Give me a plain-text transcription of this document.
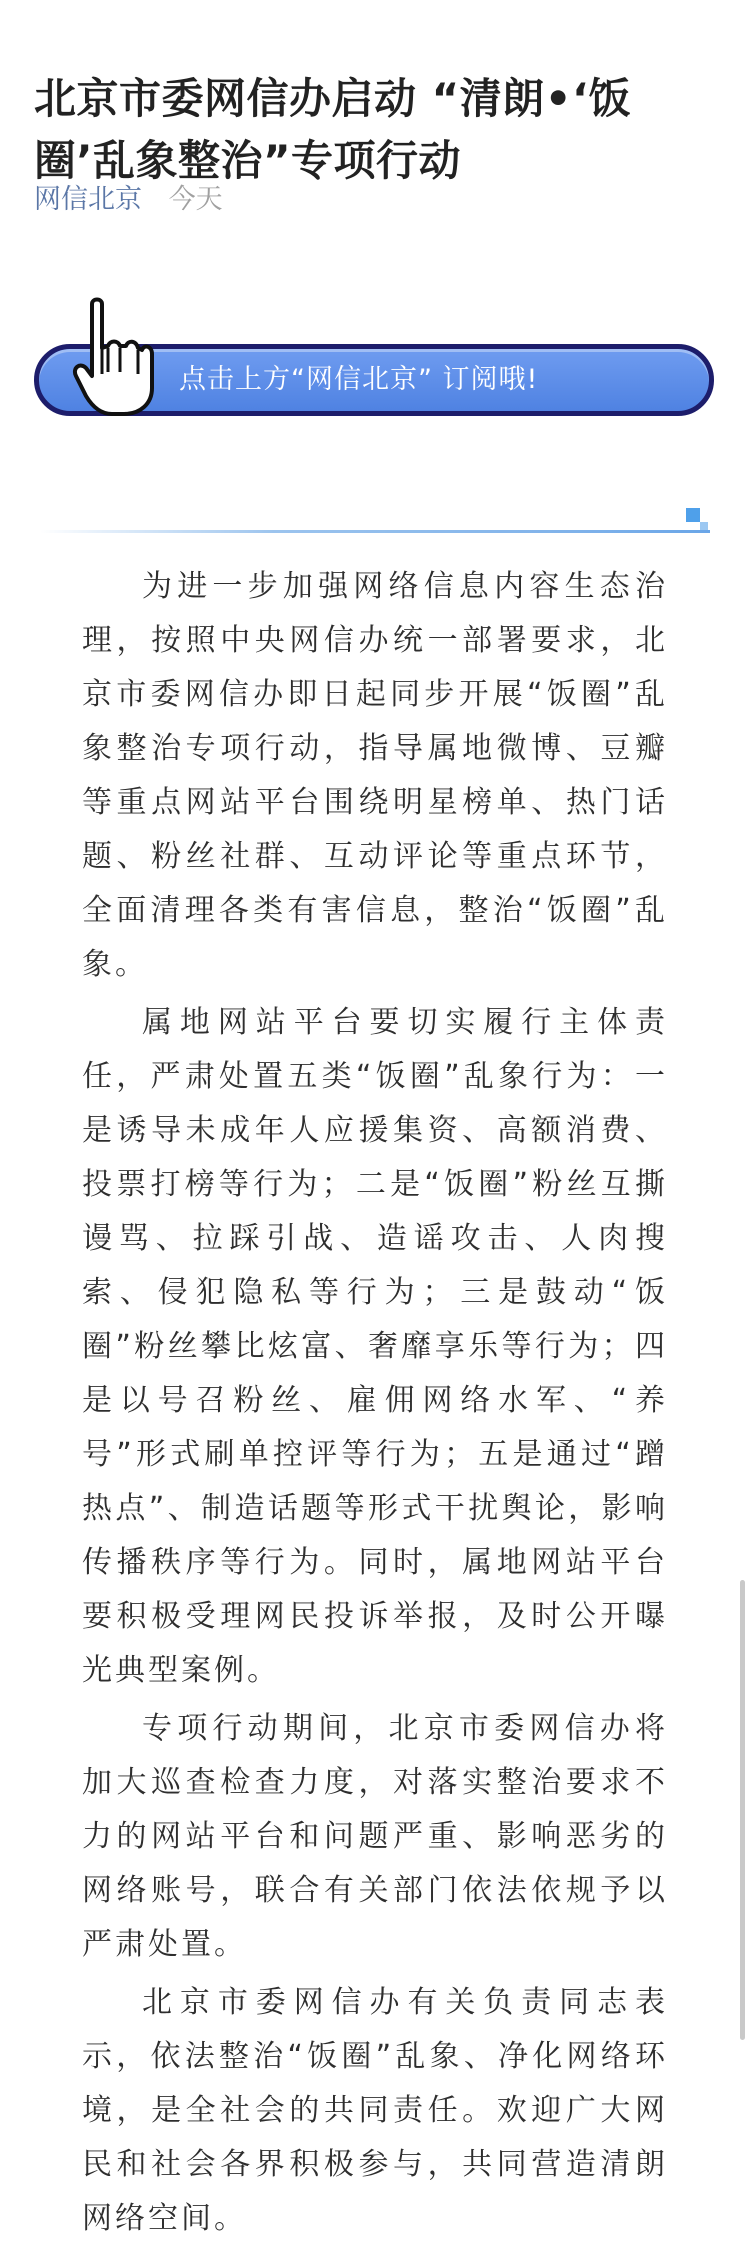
北京市委网信办启动 “清朗•‘饭圈’乱象整治”专项行动
网信北京 今天
点击上方“网信北京” 订阅哦!

为进一步加强网络信息内容生态治理，按照中央网信办统一部署要求，北京市委网信办即日起同步开展“饭圈”乱象整治专项行动，指导属地微博、豆瓣等重点网站平台围绕明星榜单、热门话题、粉丝社群、互动评论等重点环节，全面清理各类有害信息，整治“饭圈”乱象。

属地网站平台要切实履行主体责任，严肃处置五类“饭圈”乱象行为：一是诱导未成年人应援集资、高额消费、投票打榜等行为；二是“饭圈”粉丝互撕谩骂、拉踩引战、造谣攻击、人肉搜索、侵犯隐私等行为；三是鼓动“饭圈”粉丝攀比炫富、奢靡享乐等行为；四是以号召粉丝、雇佣网络水军、“养号”形式刷单控评等行为；五是通过“蹭热点”、制造话题等形式干扰舆论，影响传播秩序等行为。同时，属地网站平台要积极受理网民投诉举报，及时公开曝光典型案例。

专项行动期间，北京市委网信办将加大巡查检查力度，对落实整治要求不力的网站平台和问题严重、影响恶劣的网络账号，联合有关部门依法依规予以严肃处置。

北京市委网信办有关负责同志表示，依法整治“饭圈”乱象、净化网络环境，是全社会的共同责任。欢迎广大网民和社会各界积极参与，共同营造清朗网络空间。
